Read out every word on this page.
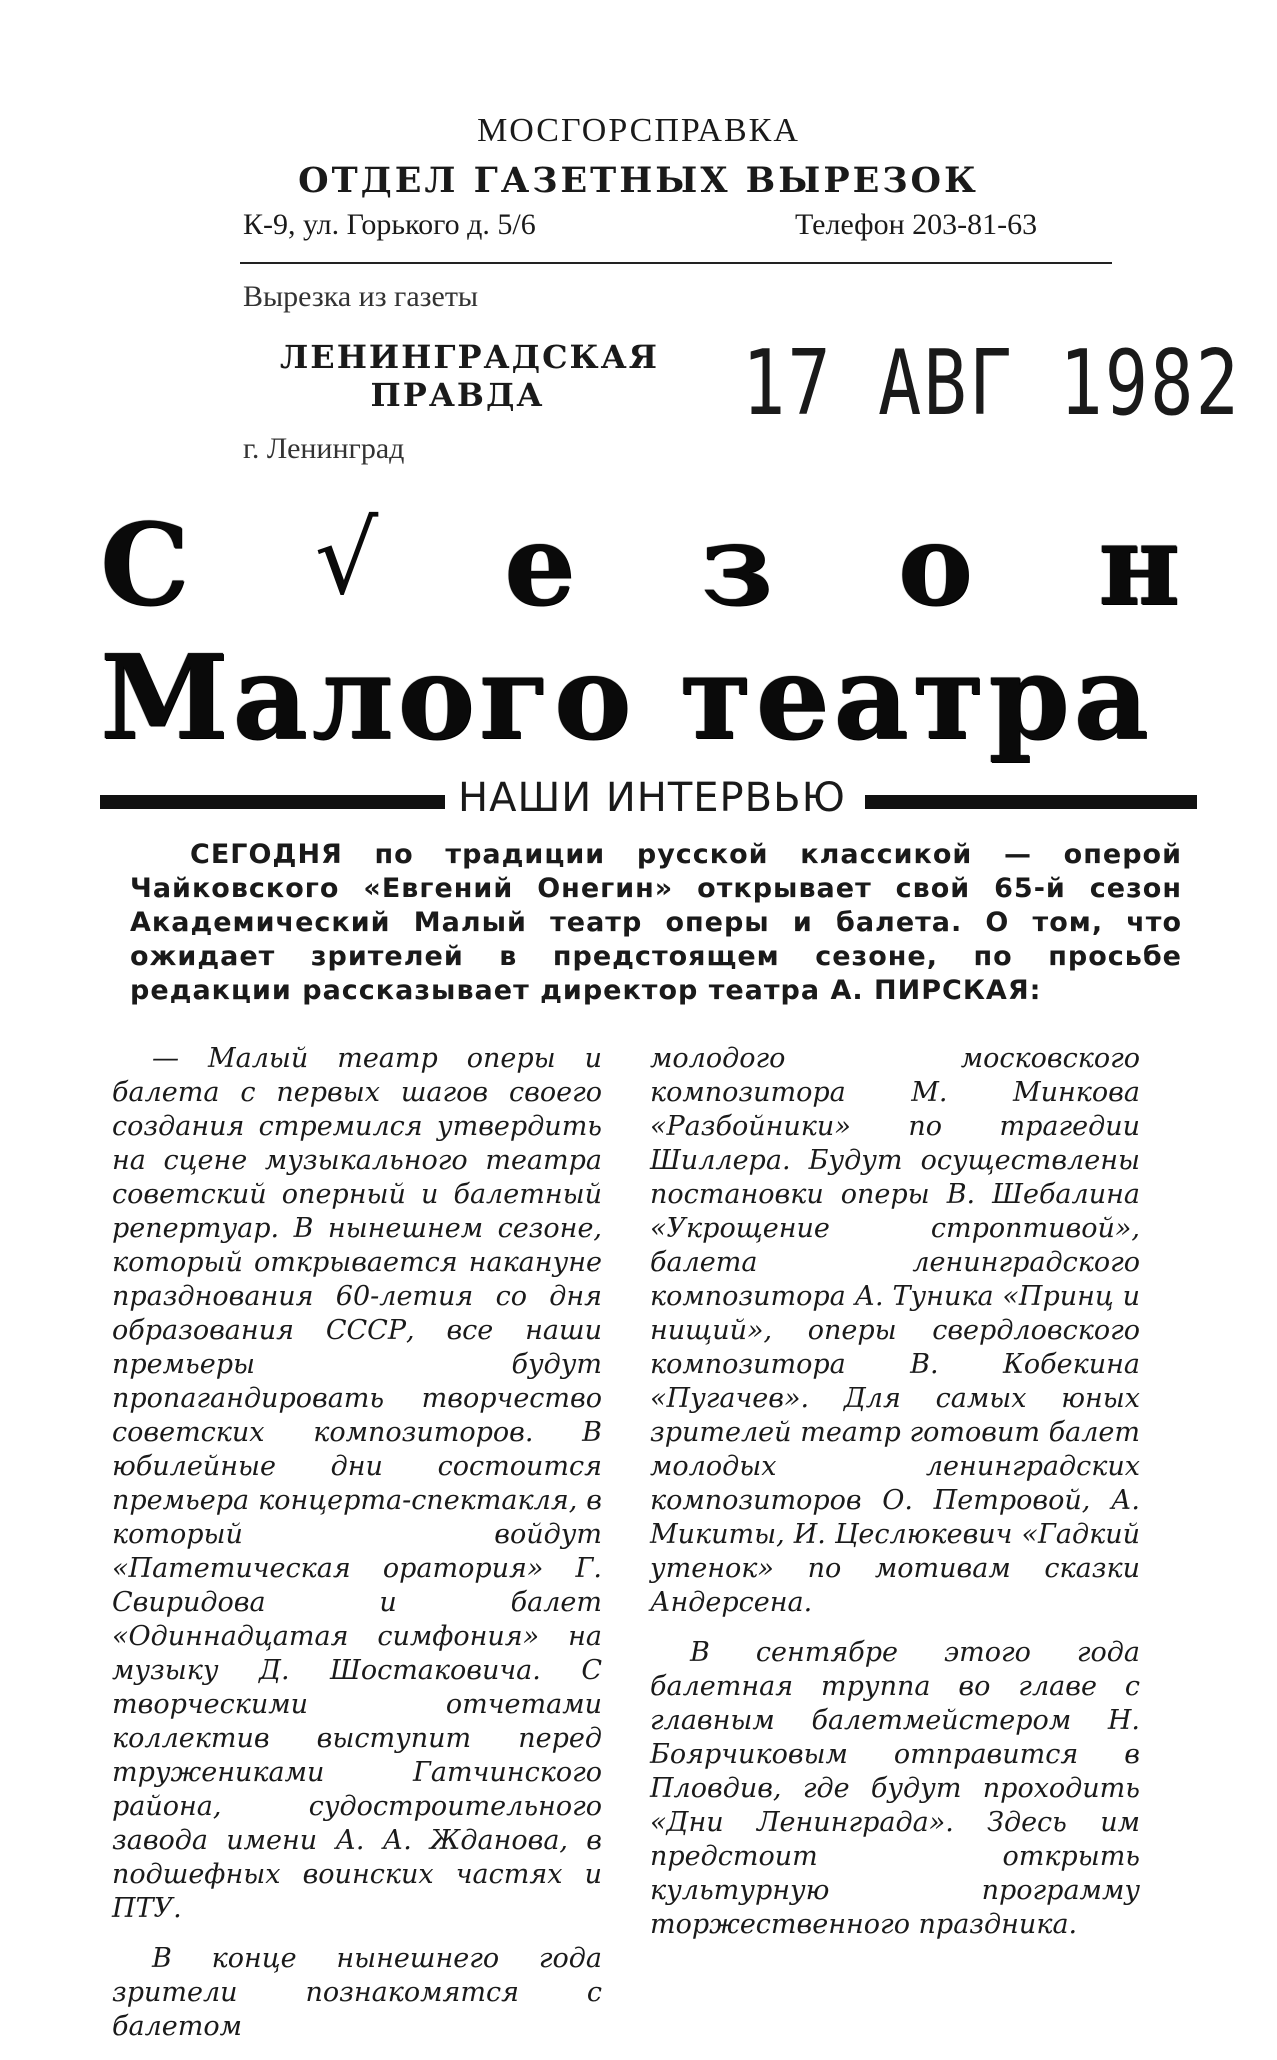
МОСГОРСПРАВКА
ОТДЕЛ ГАЗЕТНЫХ ВЫРЕЗОК
К-9, ул. Горького д. 5/6	Телефон 203-81-63
Вырезка из газеты
ЛЕНИНГРАДСКАЯ
ПРАВДА
г. Ленинград
17 АВГ 1982
С √ е з о н
Малого театра
НАШИ ИНТЕРВЬЮ
СЕГОДНЯ по традиции русской классикой — оперой Чайковского «Евгений Онегин» открывает свой 65-й сезон Академический Малый театр оперы и балета. О том, что ожидает зрителей в предстоящем сезоне, по просьбе редакции рассказывает директор театра А. ПИРСКАЯ:

— Малый театр оперы и балета с первых шагов своего создания стремился утвердить на сцене музыкального театра советский оперный и балетный репертуар. В нынешнем сезоне, который открывается накануне празднования 60-летия со дня образования СССР, все наши премьеры будут пропагандировать творчество советских композиторов. В юбилейные дни состоится премьера концерта-спектакля, в который войдут «Патетическая оратория» Г. Свиридова и балет «Одиннадцатая симфония» на музыку Д. Шостаковича. С творческими отчетами коллектив выступит перед тружениками Гатчинского района, судостроительного завода имени А. А. Жданова, в подшефных воинских частях и ПТУ.

В конце нынешнего года зрители познакомятся с балетом

молодого московского композитора М. Минкова «Разбойники» по трагедии Шиллера. Будут осуществлены постановки оперы В. Шебалина «Укрощение строптивой», балета ленинградского композитора А. Туника «Принц и нищий», оперы свердловского композитора В. Кобекина «Пугачев». Для самых юных зрителей театр готовит балет молодых ленинградских композиторов О. Петровой, А. Микиты, И. Цеслюкевич «Гадкий утенок» по мотивам сказки Андерсена.

В сентябре этого года балетная труппа во главе с главным балетмейстером Н. Боярчиковым отправится в Пловдив, где будут проходить «Дни Ленинграда». Здесь им предстоит открыть культурную программу торжественного праздника.
